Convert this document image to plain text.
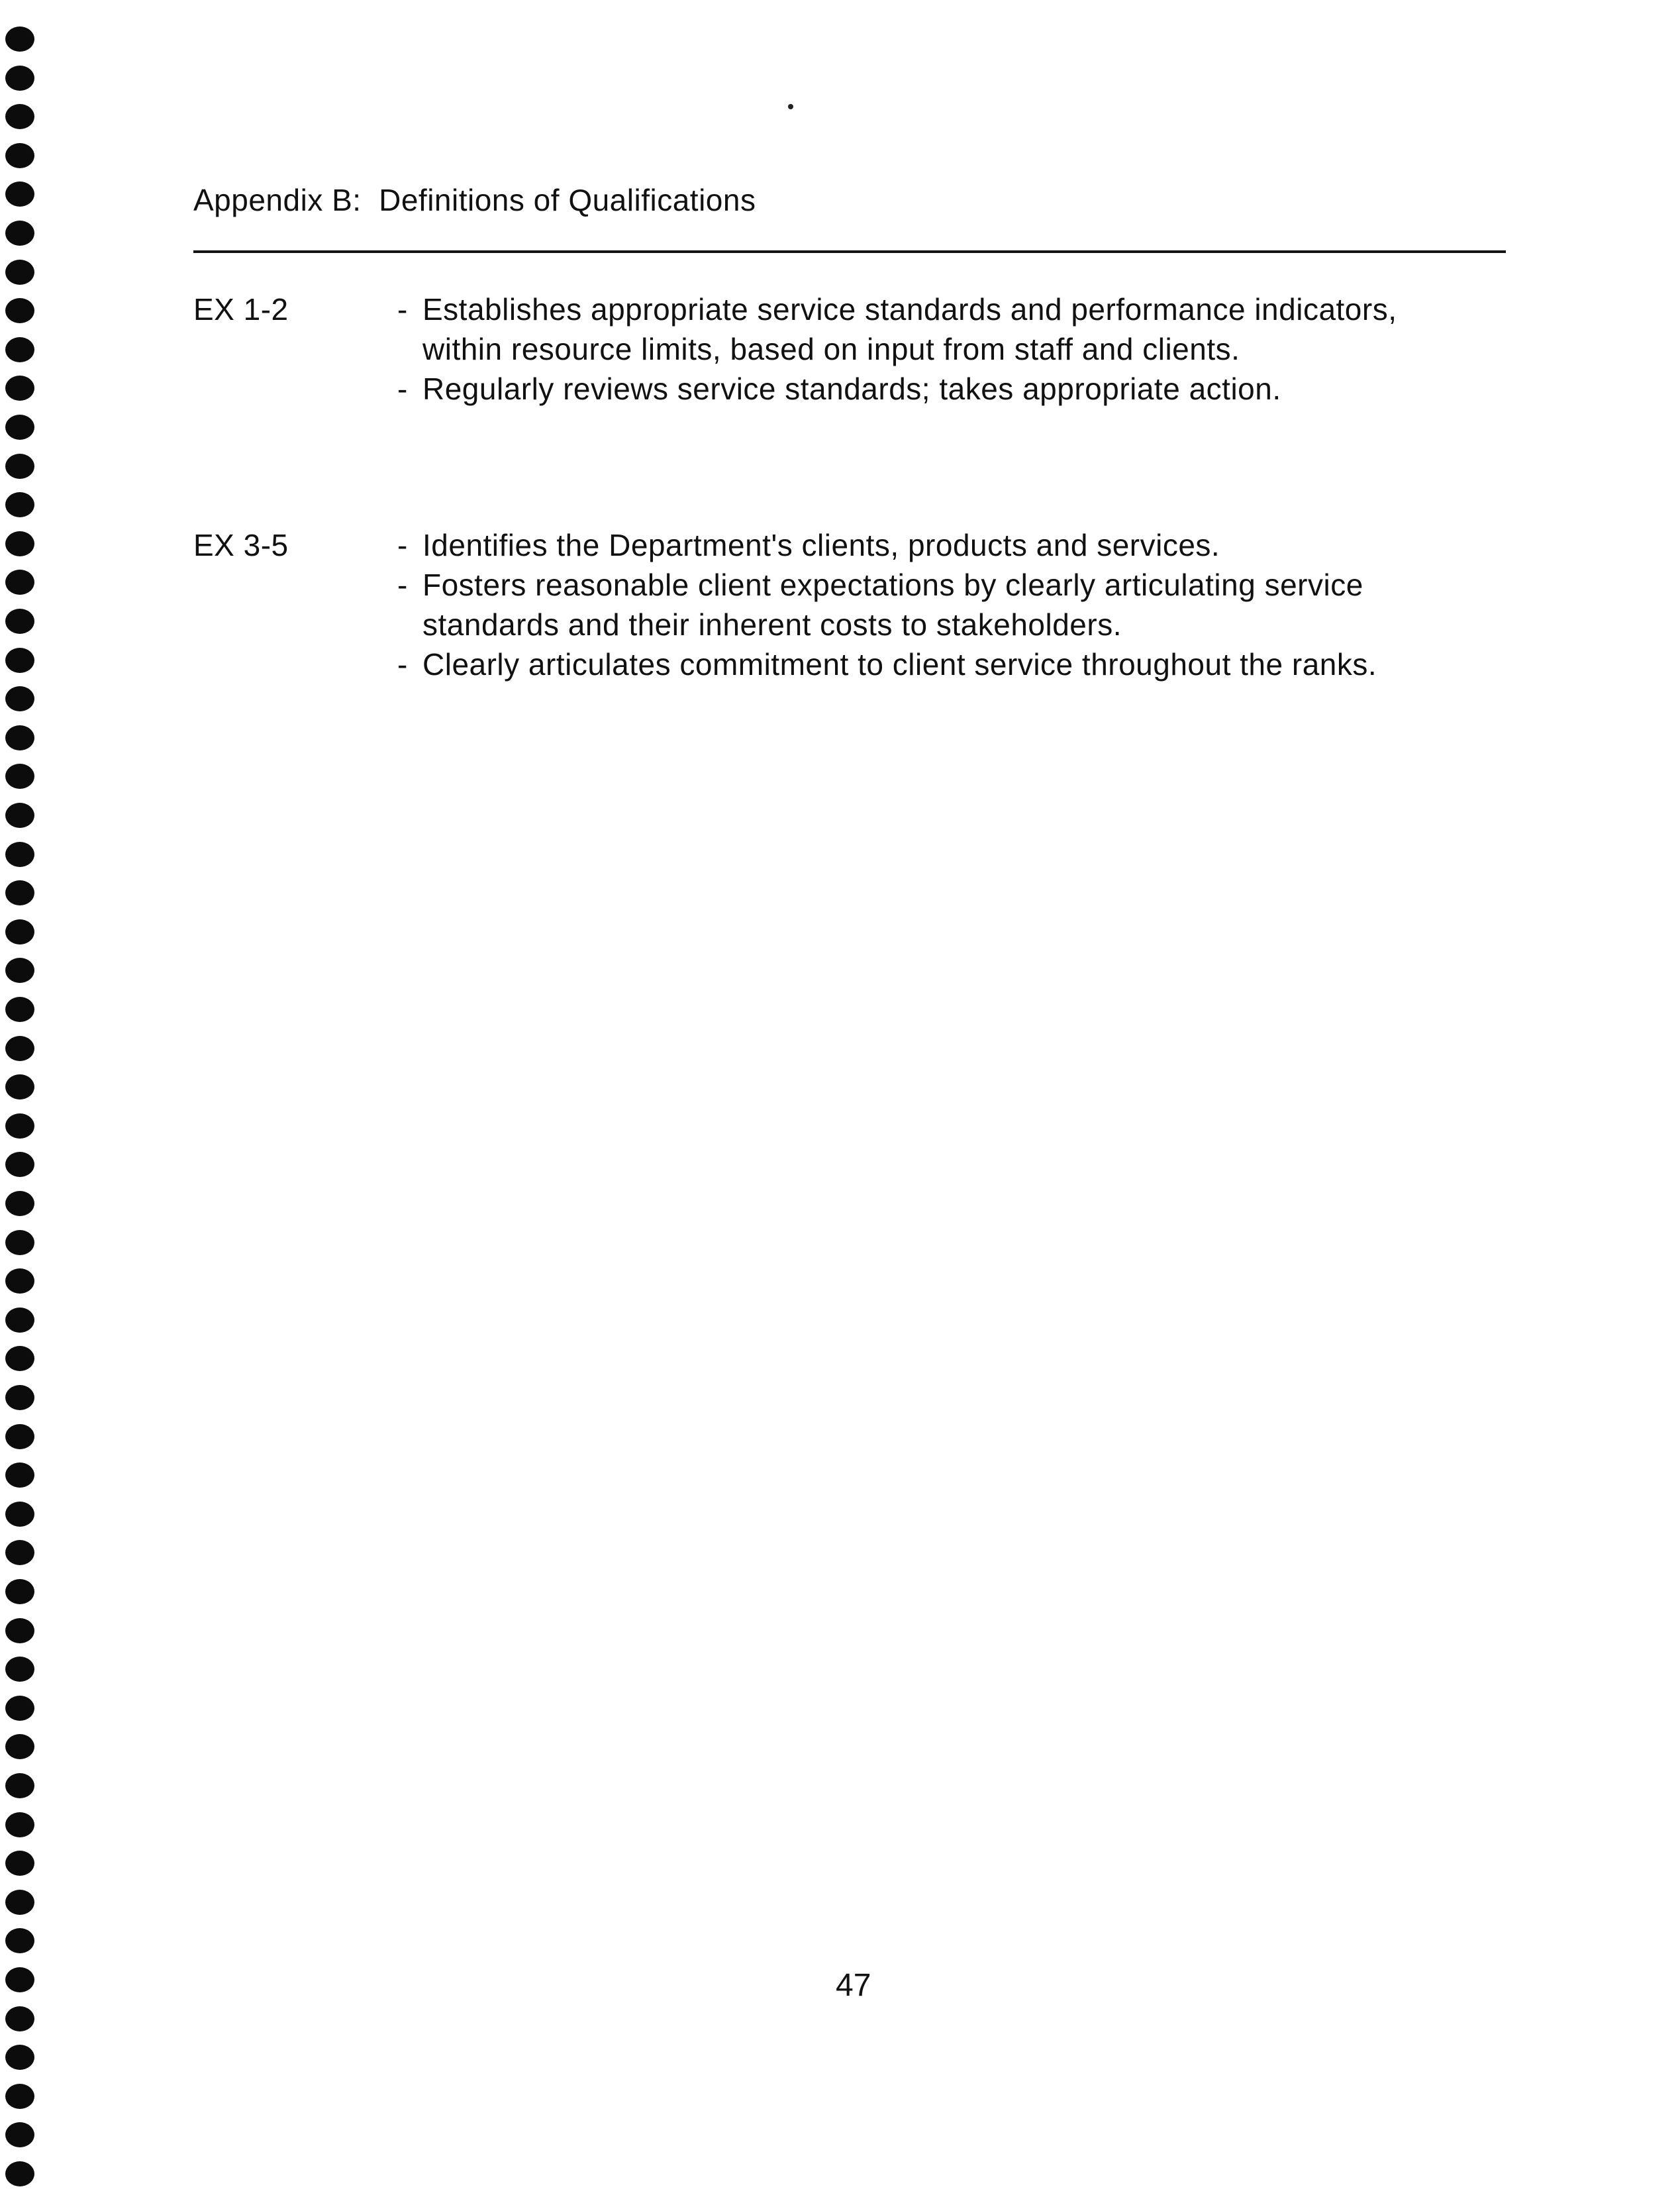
Appendix B:  Definitions of Qualifications
EX 1-2	- Establishes appropriate service standards and performance indicators, within resource limits, based on input from staff and clients.
- Regularly reviews service standards; takes appropriate action.
EX 3-5	- Identifies the Department's clients, products and services.
- Fosters reasonable client expectations by clearly articulating service standards and their inherent costs to stakeholders.
- Clearly articulates commitment to client service throughout the ranks.
47
